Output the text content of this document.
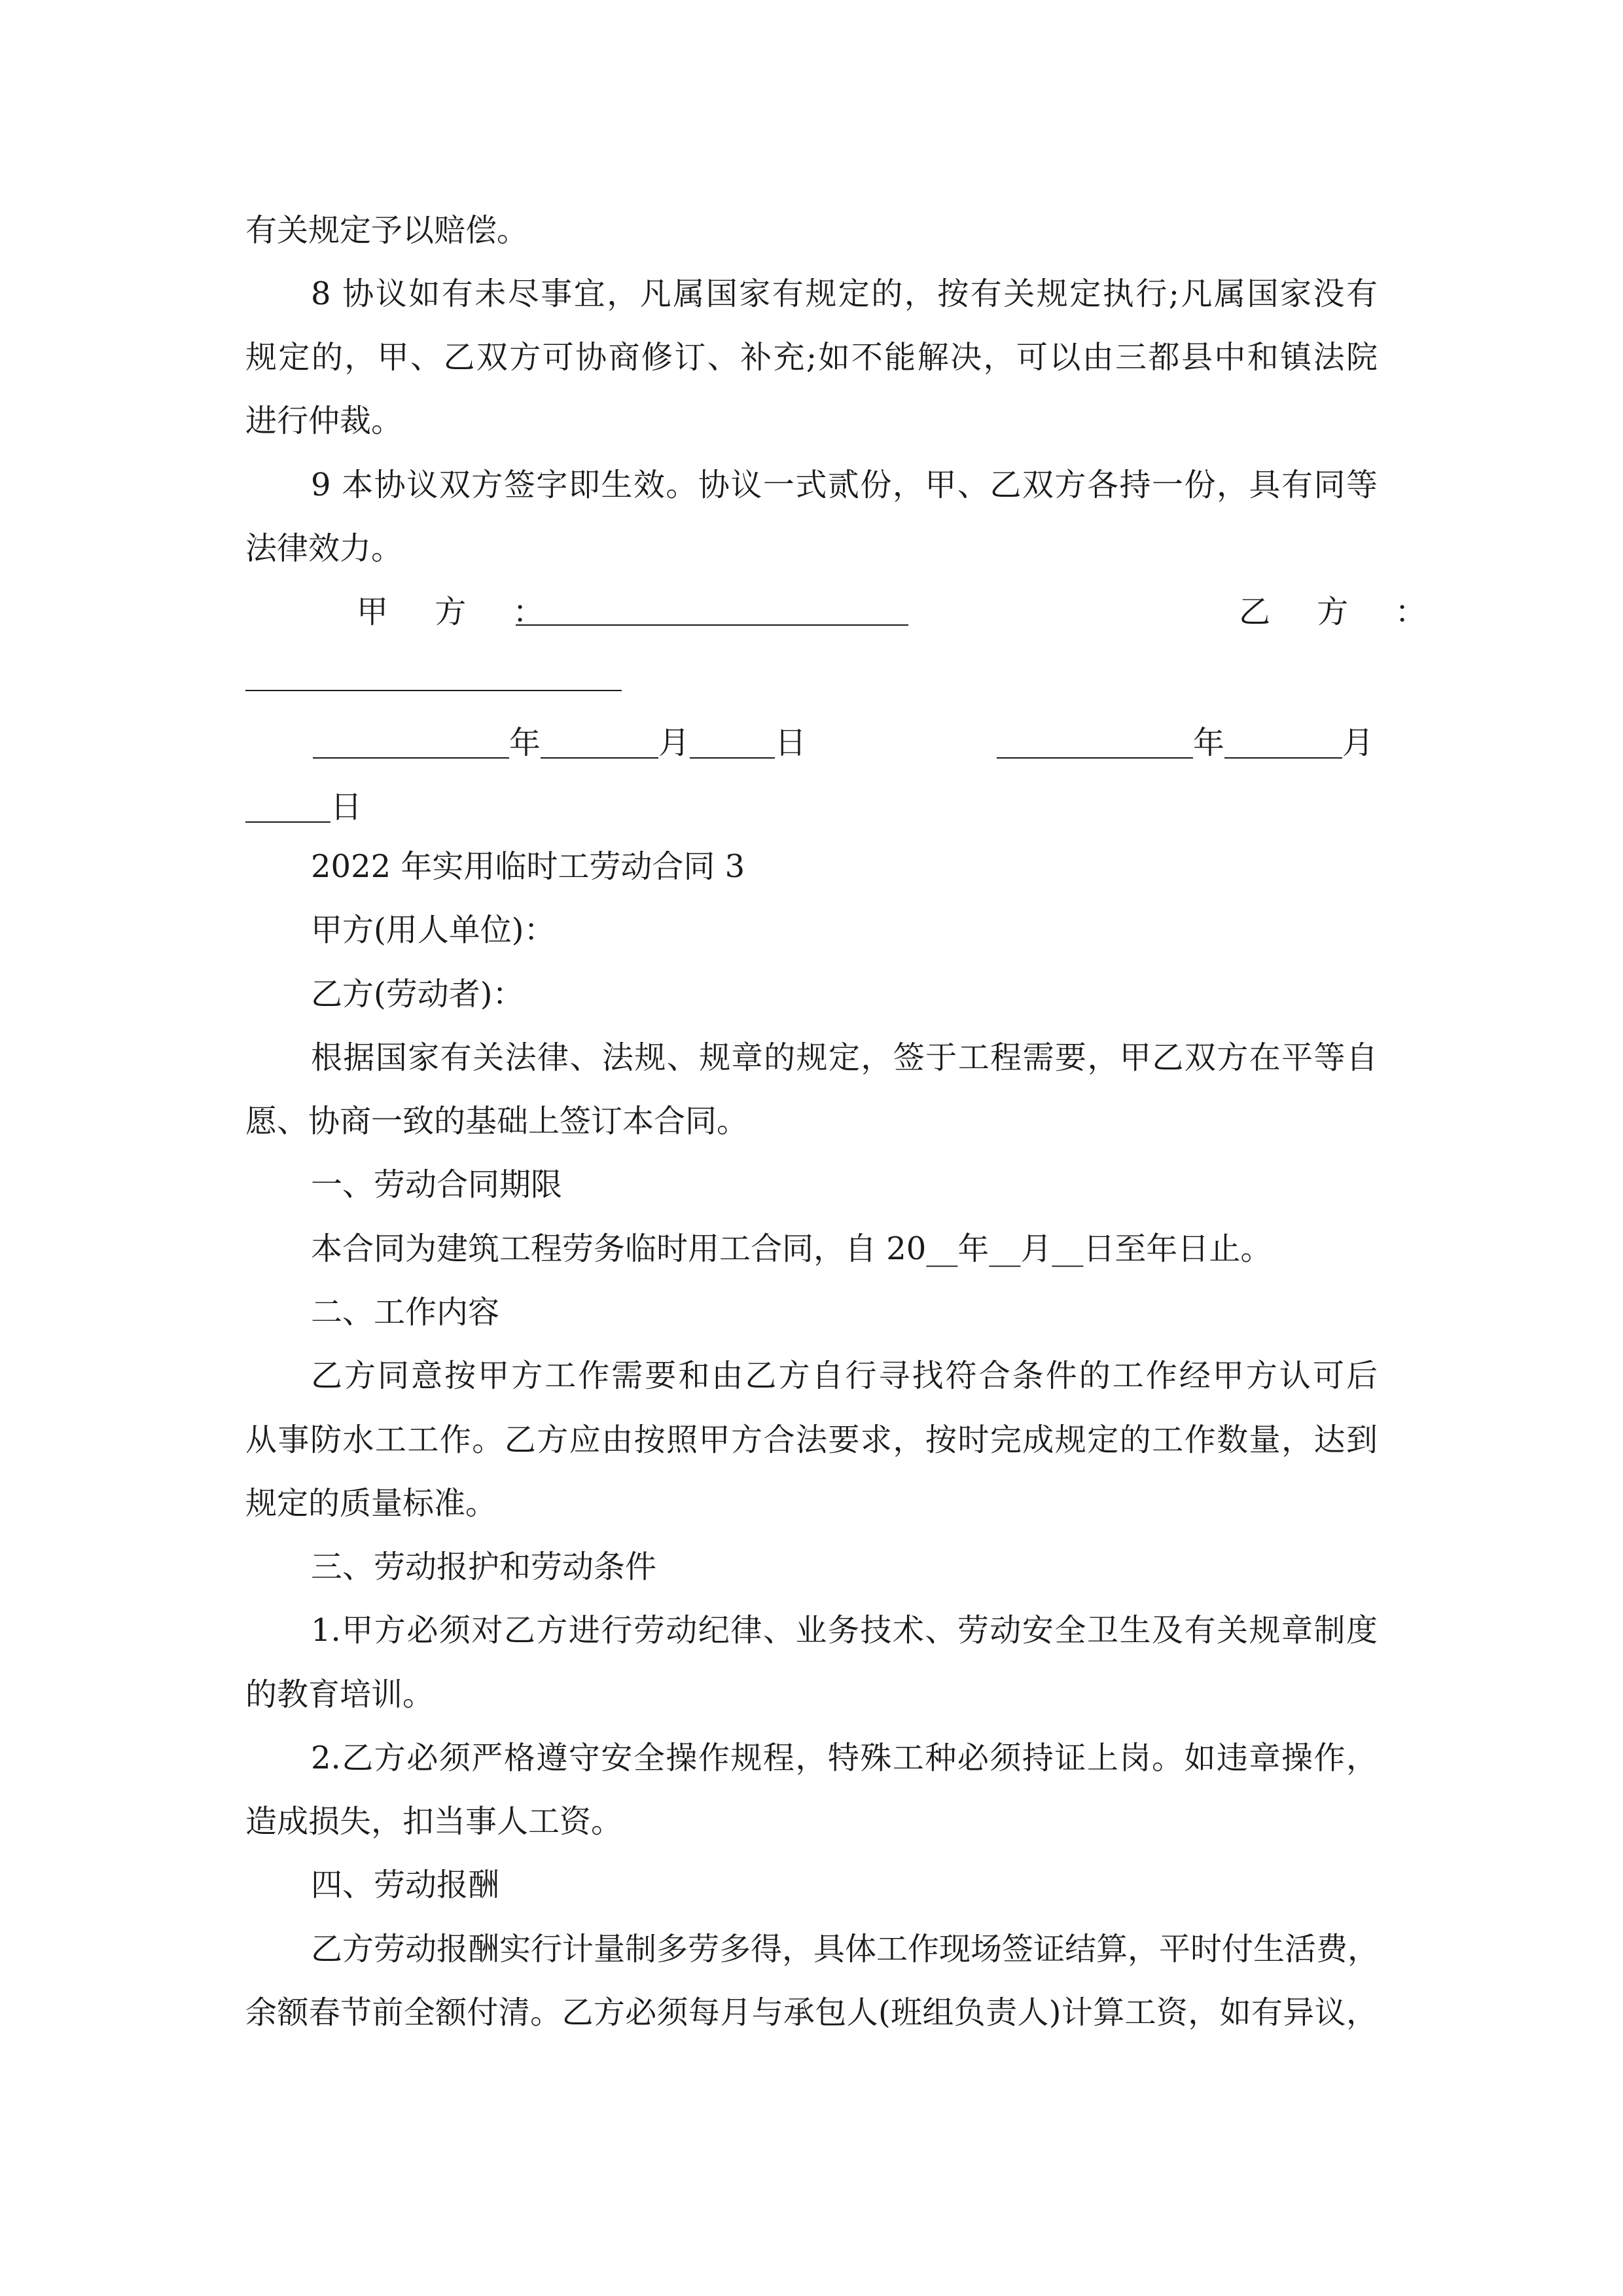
有关规定予以赔偿。
8 协议如有未尽事宜，凡属国家有规定的，按有关规定执行;凡属国家没有
规定的，甲、乙双方可协商修订、补充;如不能解决，可以由三都县中和镇法院
进行仲裁。
9 本协议双方签字即生效。协议一式贰份，甲、乙双方各持一份，具有同等
法律效力。
甲 方 ：	乙 方 ：
年	月	日	年	月
日
2022 年实用临时工劳动合同 3
甲方(用人单位)：
乙方(劳动者)：
根据国家有关法律、法规、规章的规定，签于工程需要，甲乙双方在平等自
愿、协商一致的基础上签订本合同。
一、劳动合同期限
本合同为建筑工程劳务临时用工合同，自 20__年__月__日至年日止。
二、工作内容
乙方同意按甲方工作需要和由乙方自行寻找符合条件的工作经甲方认可后
从事防水工工作。乙方应由按照甲方合法要求，按时完成规定的工作数量，达到
规定的质量标准。
三、劳动报护和劳动条件
1.甲方必须对乙方进行劳动纪律、业务技术、劳动安全卫生及有关规章制度
的教育培训。
2.乙方必须严格遵守安全操作规程，特殊工种必须持证上岗。如违章操作，
造成损失，扣当事人工资。
四、劳动报酬
乙方劳动报酬实行计量制多劳多得，具体工作现场签证结算，平时付生活费，
余额春节前全额付清。乙方必须每月与承包人(班组负责人)计算工资，如有异议，
